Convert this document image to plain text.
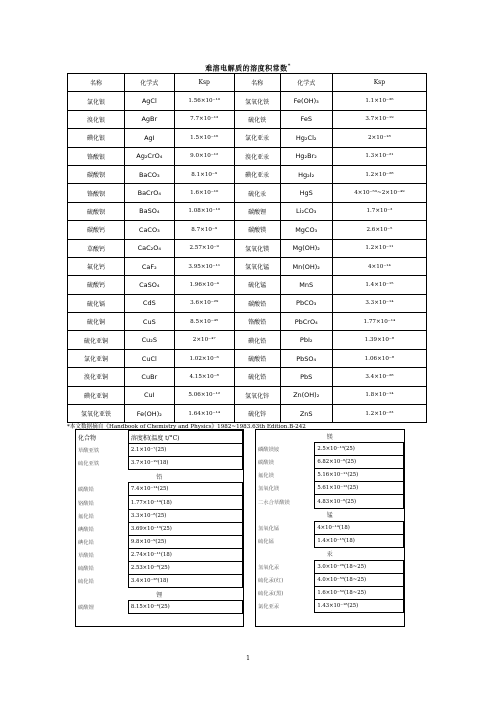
难溶电解质的溶度积常数*
名称	化学式	Ksp	名称	化学式	Ksp
氯化银	AgCl	1.56×10⁻¹⁰	氢氧化铁	Fe(OH)₃	1.1×10⁻³⁶
溴化银	AgBr	7.7×10⁻¹³	硫化铁	FeS	3.7×10⁻¹⁹
碘化银	AgI	1.5×10⁻¹⁶	氯化亚汞	Hg₂Cl₂	2×10⁻¹⁸
铬酸银	Ag₂CrO₄	9.0×10⁻¹²	溴化亚汞	Hg₂Br₂	1.3×10⁻²¹
碳酸钡	BaCO₃	8.1×10⁻⁹	碘化亚汞	Hg₂I₂	1.2×10⁻²⁸
铬酸钡	BaCrO₄	1.6×10⁻¹⁰	硫化汞	HgS	4×10⁻⁵³~2×10⁻⁴⁹
硫酸钡	BaSO₄	1.08×10⁻¹⁰	碳酸锂	Li₂CO₃	1.7×10⁻³
碳酸钙	CaCO₃	8.7×10⁻⁹	碳酸镁	MgCO₃	2.6×10⁻⁵
草酸钙	CaC₂O₄	2.57×10⁻⁹	氢氧化镁	Mg(OH)₂	1.2×10⁻¹¹
氟化钙	CaF₂	3.95×10⁻¹¹	氢氧化锰	Mn(OH)₂	4×10⁻¹⁴
硫酸钙	CaSO₄	1.96×10⁻⁴	硫化锰	MnS	1.4×10⁻¹⁵
硫化镉	CdS	3.6×10⁻²⁹	碳酸铅	PbCO₃	3.3×10⁻¹⁴
硫化铜	CuS	8.5×10⁻⁴⁵	铬酸铅	PbCrO₄	1.77×10⁻¹⁴
硫化亚铜	Cu₂S	2×10⁻⁴⁷	碘化铅	PbI₂	1.39×10⁻⁸
氯化亚铜	CuCl	1.02×10⁻⁶	硫酸铅	PbSO₄	1.06×10⁻⁸
溴化亚铜	CuBr	4.15×10⁻⁸	硫化铅	PbS	3.4×10⁻²⁸
碘化亚铜	CuI	5.06×10⁻¹²	氢氧化锌	Zn(OH)₂	1.8×10⁻¹⁴
氢氧化亚铁	Fe(OH)₂	1.64×10⁻¹⁴	硫化锌	ZnS	1.2×10⁻²³
*本文数据摘自《Handbook of Chemistry and Physics》1982~1983.63th Edition.B-242
化合物	溶度积(温度 t/°C)
草酸亚铁	2.1×10⁻⁷(25)
硫化亚铁	3.7×10⁻¹⁹(18)
铅	
碳酸铅	7.4×10⁻¹⁴(25)
铬酸铅	1.77×10⁻¹⁴(18)
氟化铅	3.3×10⁻⁸(25)
碘酸铅	3.69×10⁻¹³(25)
碘化铅	9.8×10⁻⁹(25)
草酸铅	2.74×10⁻¹¹(18)
硫酸铅	2.53×10⁻⁸(25)
硫化铅	3.4×10⁻²⁸(18)
锂	
碳酸锂	8.15×10⁻⁴(25)
镁	
磷酸镁铵	2.5×10⁻¹³(25)
碳酸镁	6.82×10⁻⁶(25)
氟化镁	5.16×10⁻¹¹(25)
氢氧化镁	5.61×10⁻¹²(25)
二水合草酸镁	4.83×10⁻⁶(25)
锰	
氢氧化锰	4×10⁻¹⁴(18)
硫化锰	1.4×10⁻¹⁵(18)
汞	
氢氧化汞	3.0×10⁻²⁶(18~25)
硫化汞(红)	4.0×10⁻⁵³(18~25)
硫化汞(黑)	1.6×10⁻⁵²(18~25)
氯化亚汞	1.43×10⁻¹⁸(25)
1
